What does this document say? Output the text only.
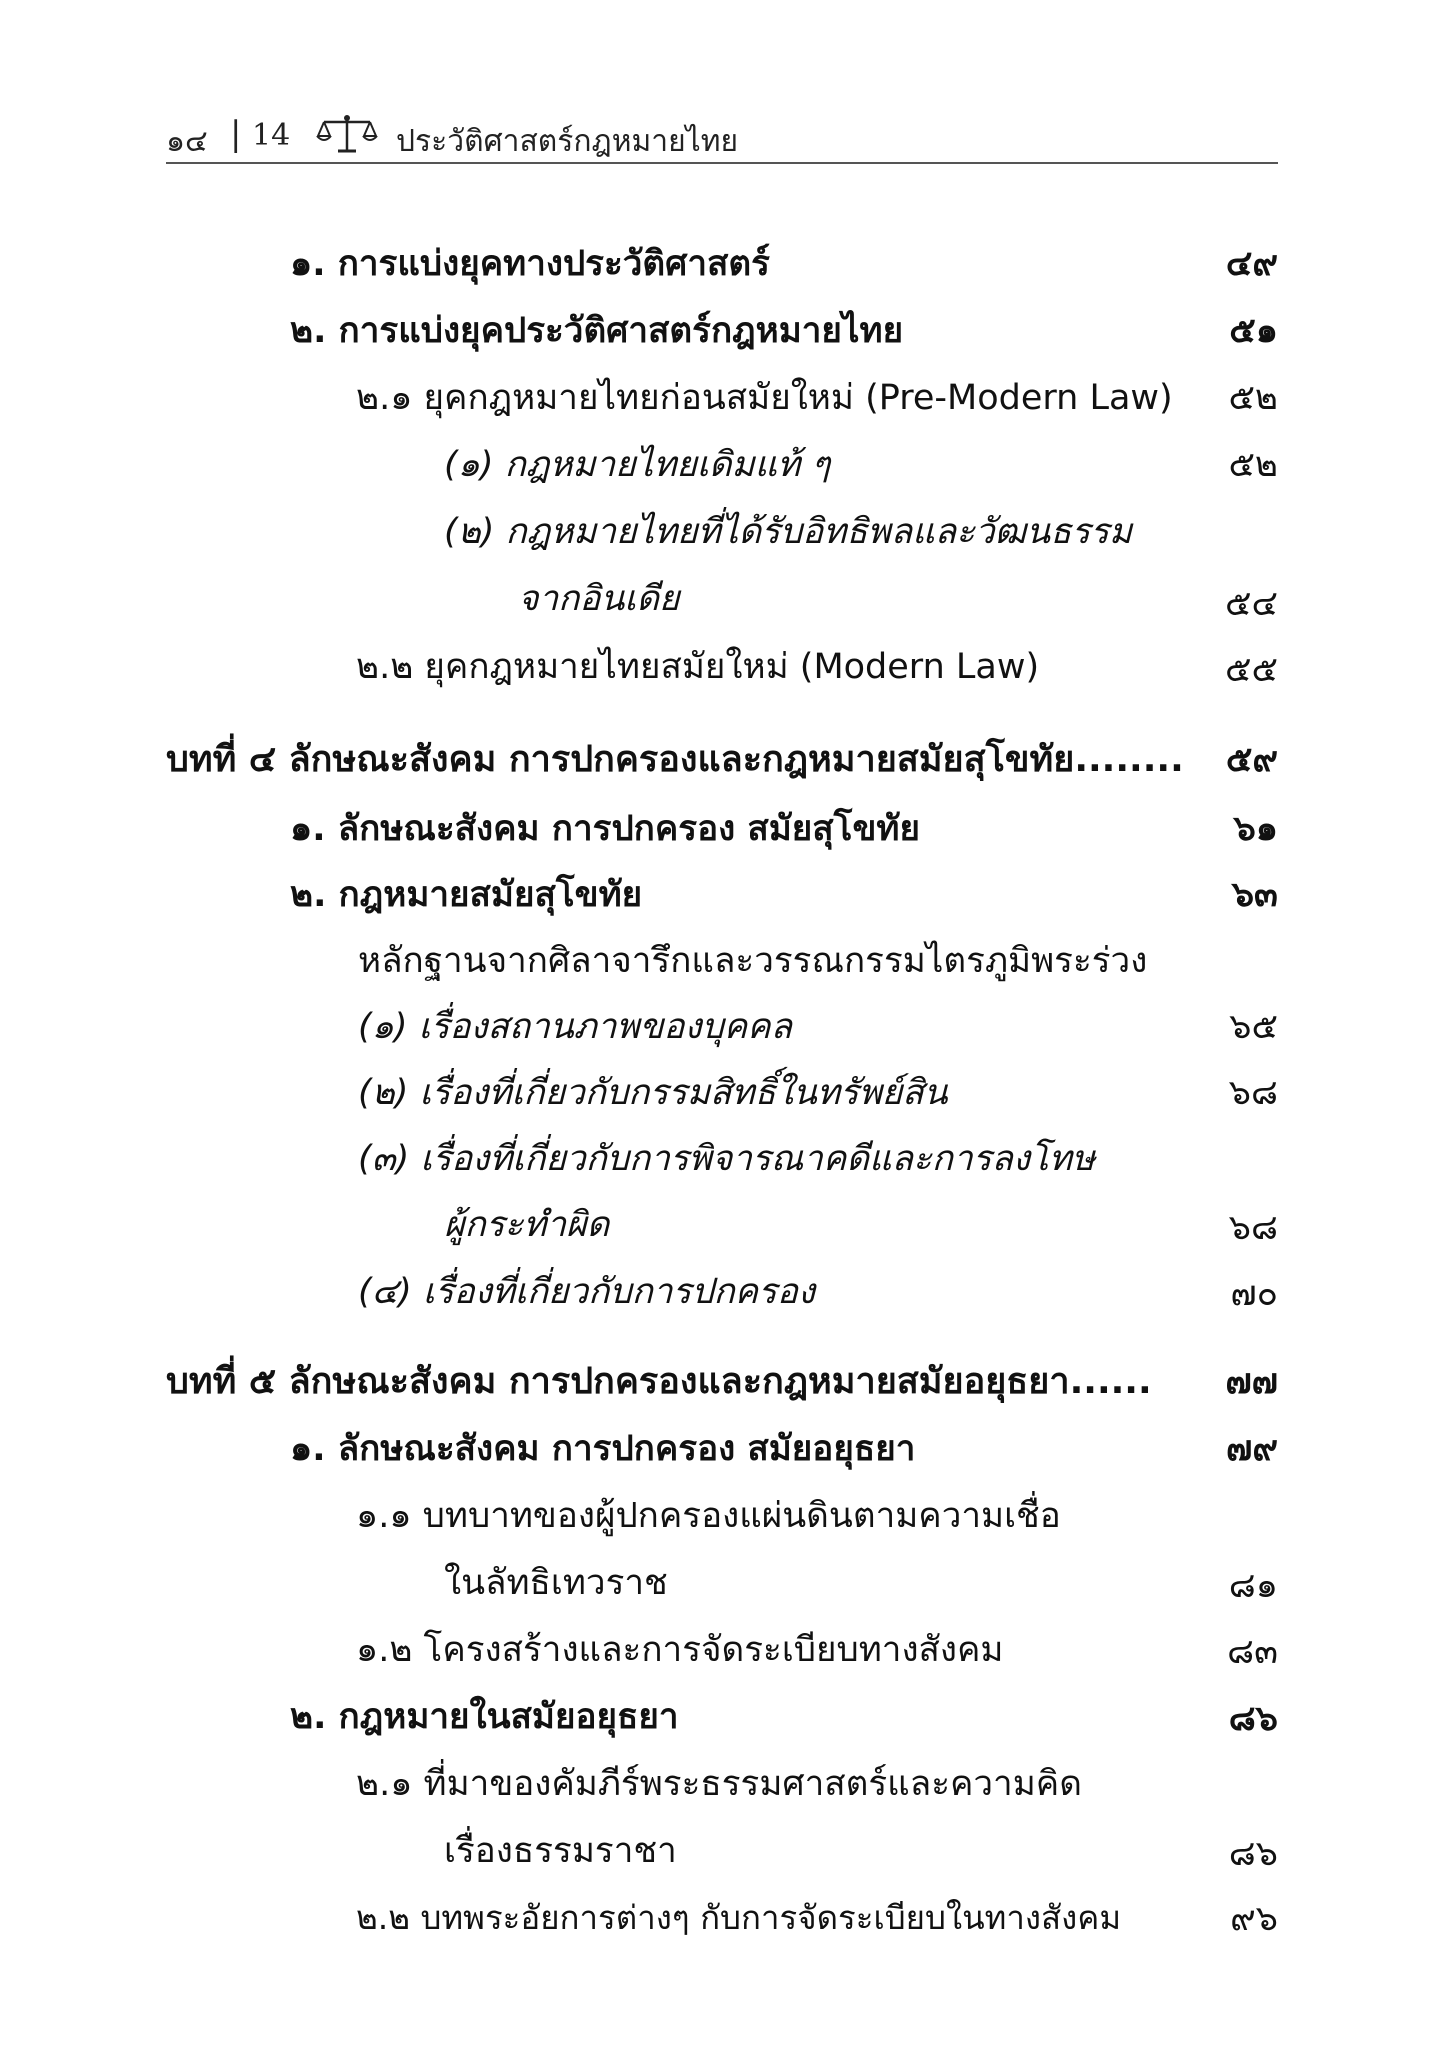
๑๔ | 14	ประวัติศาสตร์กฎหมายไทย
๑. การแบ่งยุคทางประวัติศาสตร์	๔๙
๒. การแบ่งยุคประวัติศาสตร์กฎหมายไทย	๕๑
๒.๑ ยุคกฎหมายไทยก่อนสมัยใหม่ (Pre-Modern Law)	๕๒
(๑) กฎหมายไทยเดิมแท้ ๆ	๕๒
(๒) กฎหมายไทยที่ได้รับอิทธิพลและวัฒนธรรม
จากอินเดีย	๕๔
๒.๒ ยุคกฎหมายไทยสมัยใหม่ (Modern Law)	๕๕
บทที่ ๔ ลักษณะสังคม การปกครองและกฎหมายสมัยสุโขทัย........	๕๙
๑. ลักษณะสังคม การปกครอง สมัยสุโขทัย	๖๑
๒. กฎหมายสมัยสุโขทัย	๖๓
หลักฐานจากศิลาจารึกและวรรณกรรมไตรภูมิพระร่วง
(๑) เรื่องสถานภาพของบุคคล	๖๕
(๒) เรื่องที่เกี่ยวกับกรรมสิทธิ์ในทรัพย์สิน	๖๘
(๓) เรื่องที่เกี่ยวกับการพิจารณาคดีและการลงโทษ
ผู้กระทำผิด	๖๘
(๔) เรื่องที่เกี่ยวกับการปกครอง	๗๐
บทที่ ๕ ลักษณะสังคม การปกครองและกฎหมายสมัยอยุธยา......	๗๗
๑. ลักษณะสังคม การปกครอง สมัยอยุธยา	๗๙
๑.๑ บทบาทของผู้ปกครองแผ่นดินตามความเชื่อ
ในลัทธิเทวราช	๘๑
๑.๒ โครงสร้างและการจัดระเบียบทางสังคม	๘๓
๒. กฎหมายในสมัยอยุธยา	๘๖
๒.๑ ที่มาของคัมภีร์พระธรรมศาสตร์และความคิด
เรื่องธรรมราชา	๘๖
๒.๒ บทพระอัยการต่างๆ กับการจัดระเบียบในทางสังคม	๙๖
